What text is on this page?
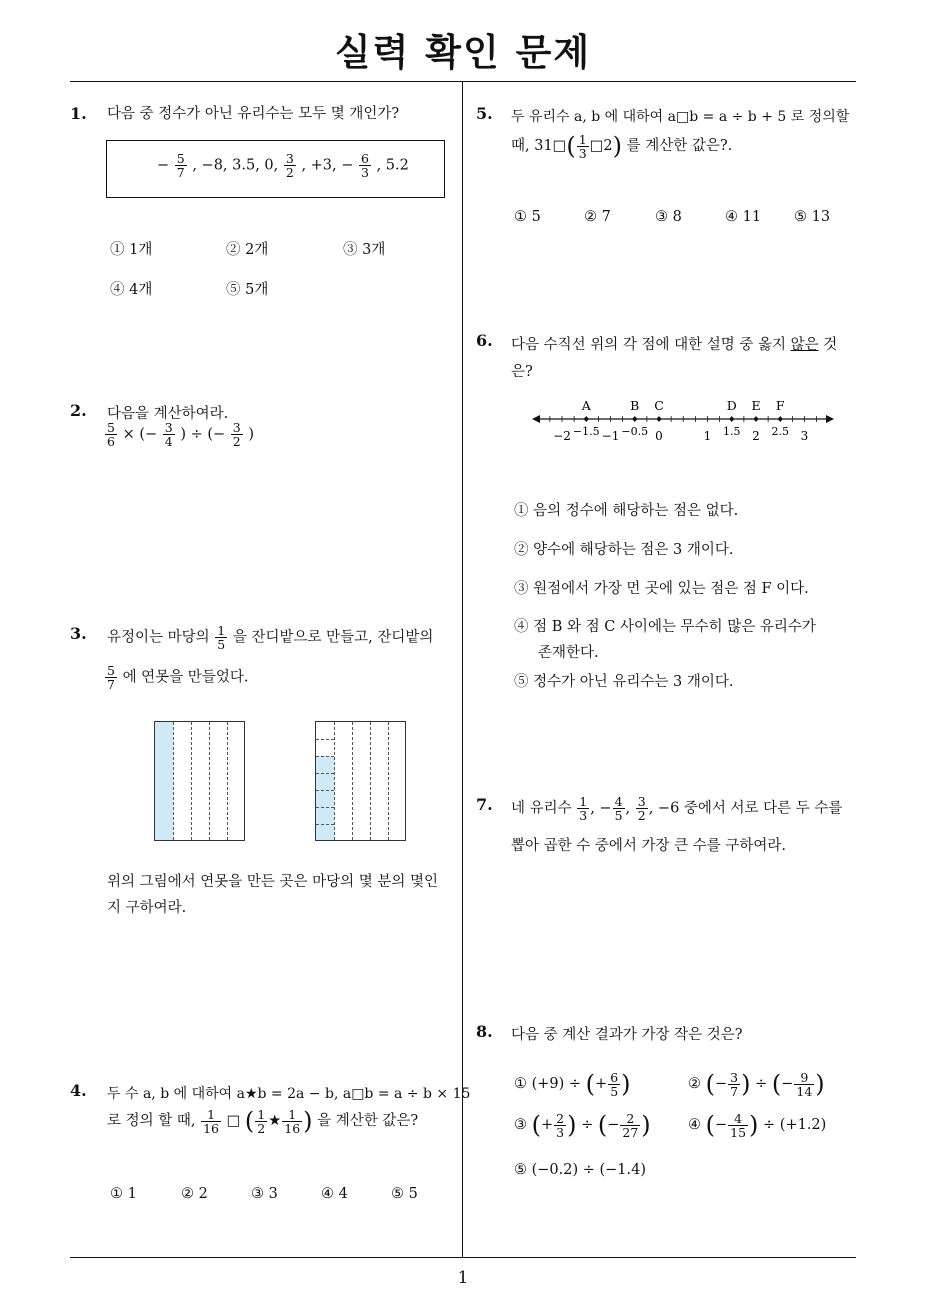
실력 확인 문제
1
1. 다음 중 정수가 아닌 유리수는 모두 몇 개인가?
− $\frac{5}{7}$ , −8, 3.5, 0, $\frac{3}{2}$ , +3, − $\frac{6}{3}$ , 5.2
① 1개	② 2개	③ 3개
④ 4개	⑤ 5개
2. 다음을 계산하여라.
$\frac{5}{6}$ × (− $\frac{3}{4}$ ) ÷ (− $\frac{3}{2}$ )
3. 유정이는 마당의 $\frac{1}{5}$ 을 잔디밭으로 만들고, 잔디밭의
$\frac{5}{7}$ 에 연못을 만들었다.
위의 그림에서 연못을 만든 곳은 마당의 몇 분의 몇인
지 구하여라.
4. 두 수 a, b 에 대하여 a★b = 2a − b, a□b = a ÷ b × 15
로 정의 할 때, $\frac{1}{16}$ □ ( $\frac{1}{2}$ ★ $\frac{1}{16}$ ) 을 계산한 값은?
① 1	② 2	③ 3	④ 4	⑤ 5
5. 두 유리수 a, b 에 대하여 a□b = a ÷ b + 5 로 정의할
때, 31□( $\frac{1}{3}$ □2) 를 계산한 값은?.
① 5	② 7	③ 8	④ 11 ⑤ 13
6. 다음 수직선 위의 각 점에 대한 설명 중 옳지 않은 것
은?
−2	−1	0	1	2	3
−1.5 −0.5	1.5	2.5
A	B C	D E F
① 음의 정수에 해당하는 점은 없다.
② 양수에 해당하는 점은 3 개이다.
③ 원점에서 가장 먼 곳에 있는 점은 점 F 이다.
④ 점 B 와 점 C 사이에는 무수히 많은 유리수가
존재한다.
⑤ 정수가 아닌 유리수는 3 개이다.
7. 네 유리수 $\frac{1}{3}$ , − $\frac{4}{5}$ , $\frac{3}{2}$ , −6 중에서 서로 다른 두 수를
뽑아 곱한 수 중에서 가장 큰 수를 구하여라.
8. 다음 중 계산 결과가 가장 작은 것은?
① (+9) ÷ (+ $\frac{6}{5}$ )	② (− $\frac{3}{7}$ ) ÷ (− $\frac{9}{14}$ )
③ (+ $\frac{2}{3}$ ) ÷ (− $\frac{2}{27}$ )	④ (− $\frac{4}{15}$ ) ÷ (+1.2)
⑤ (−0.2) ÷ (−1.4)
